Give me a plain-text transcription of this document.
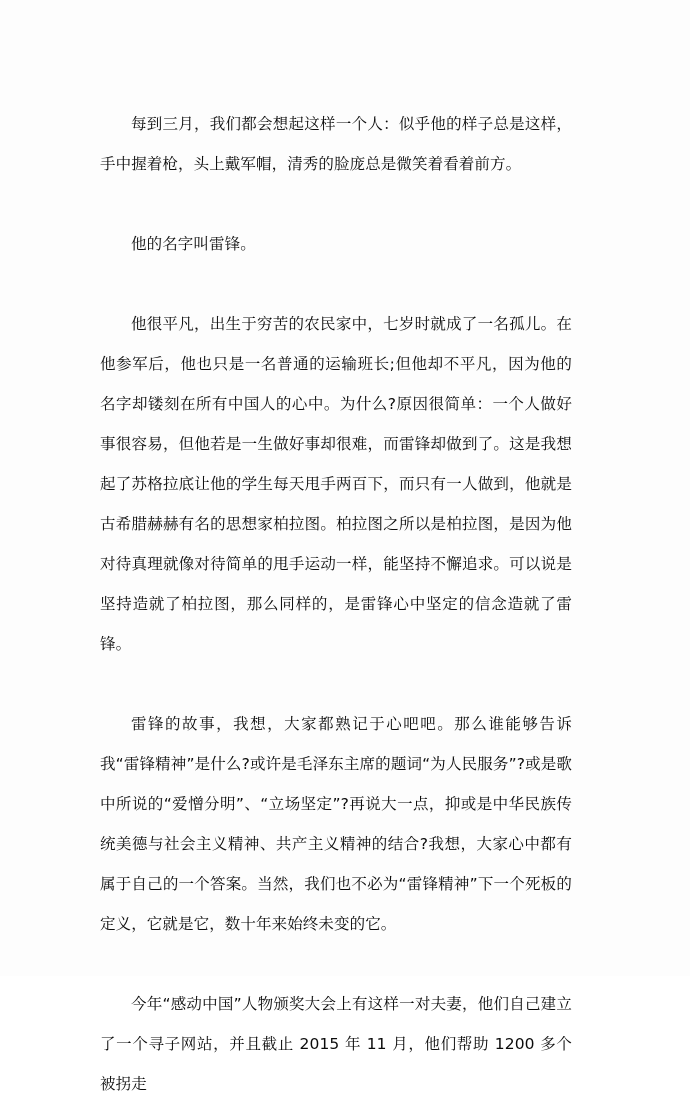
每到三月，我们都会想起这样一个人：似乎他的样子总是这样，手中握着枪，头上戴军帽，清秀的脸庞总是微笑着看着前方。

他的名字叫雷锋。

他很平凡，出生于穷苦的农民家中，七岁时就成了一名孤儿。在他参军后，他也只是一名普通的运输班长;但他却不平凡，因为他的名字却镂刻在所有中国人的心中。为什么?原因很简单：一个人做好事很容易，但他若是一生做好事却很难，而雷锋却做到了。这是我想起了苏格拉底让他的学生每天甩手两百下，而只有一人做到，他就是古希腊赫赫有名的思想家柏拉图。柏拉图之所以是柏拉图，是因为他对待真理就像对待简单的甩手运动一样，能坚持不懈追求。可以说是坚持造就了柏拉图，那么同样的，是雷锋心中坚定的信念造就了雷锋。

雷锋的故事，我想，大家都熟记于心吧吧。那么谁能够告诉我“雷锋精神”是什么?或许是毛泽东主席的题词“为人民服务”?或是歌中所说的“爱憎分明”、“立场坚定”?再说大一点，抑或是中华民族传统美德与社会主义精神、共产主义精神的结合?我想，大家心中都有属于自己的一个答案。当然，我们也不必为“雷锋精神”下一个死板的定义，它就是它，数十年来始终未变的它。

今年“感动中国”人物颁奖大会上有这样一对夫妻，他们自己建立了一个寻子网站，并且截止 2015 年 11 月，他们帮助 1200 多个被拐走
